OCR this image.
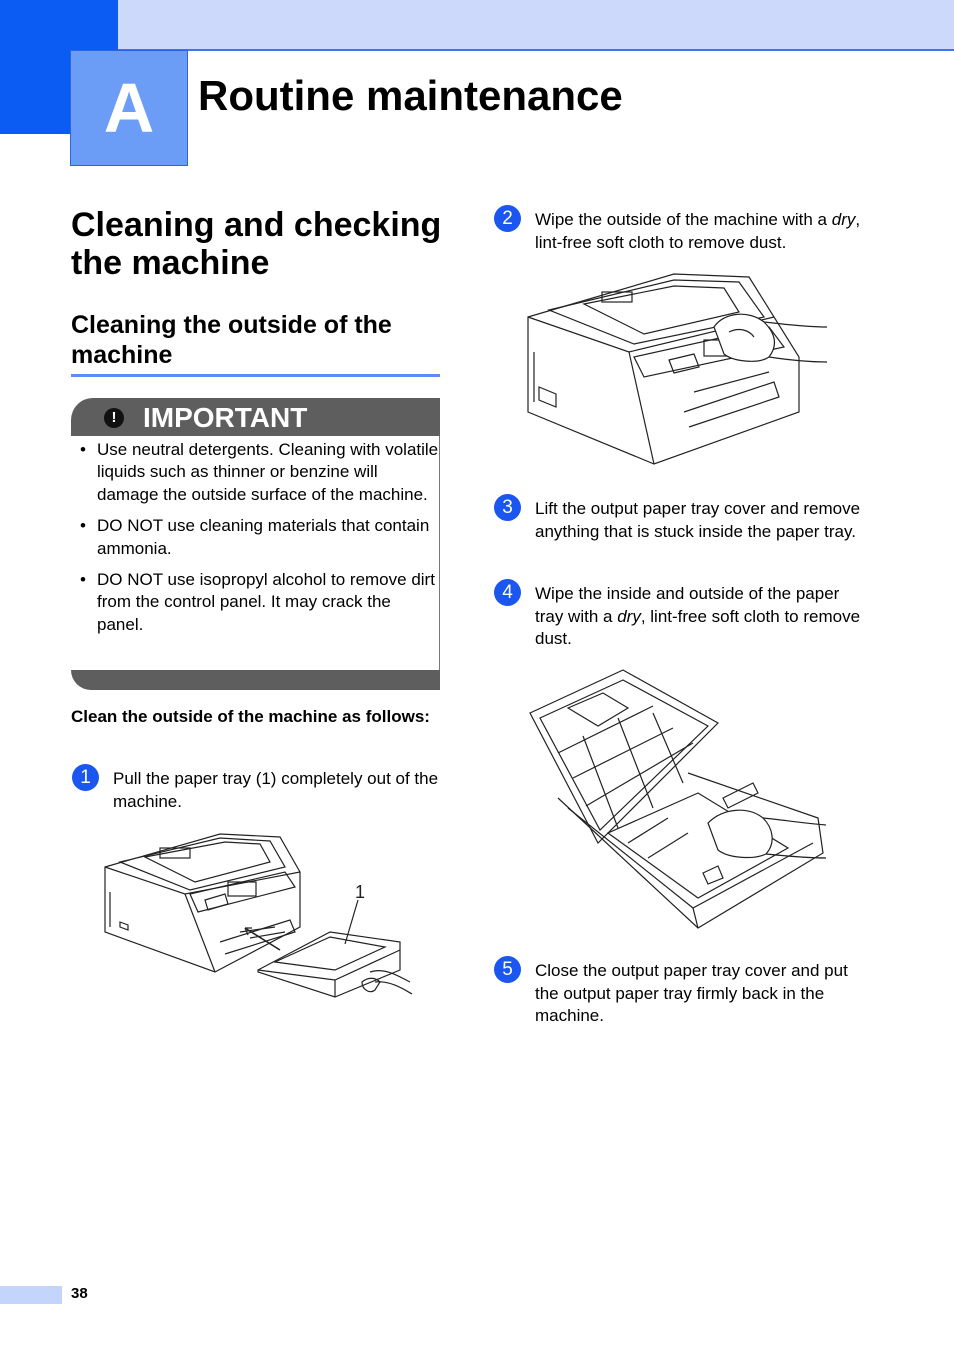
A Routine maintenance
Cleaning and checking the machine
Cleaning the outside of the machine
! IMPORTANT
• Use neutral detergents. Cleaning with volatile liquids such as thinner or benzine will damage the outside surface of the machine.
• DO NOT use cleaning materials that contain ammonia.
• DO NOT use isopropyl alcohol to remove dirt from the control panel. It may crack the panel.

Clean the outside of the machine as follows:

1	Pull the paper tray (1) completely out of the machine.

1
2	Wipe the outside of the machine with a dry, lint-free soft cloth to remove dust.

3	Lift the output paper tray cover and remove anything that is stuck inside the paper tray.

4	Wipe the inside and outside of the paper tray with a dry, lint-free soft cloth to remove dust.

5	Close the output paper tray cover and put the output paper tray firmly back in the machine.

38
